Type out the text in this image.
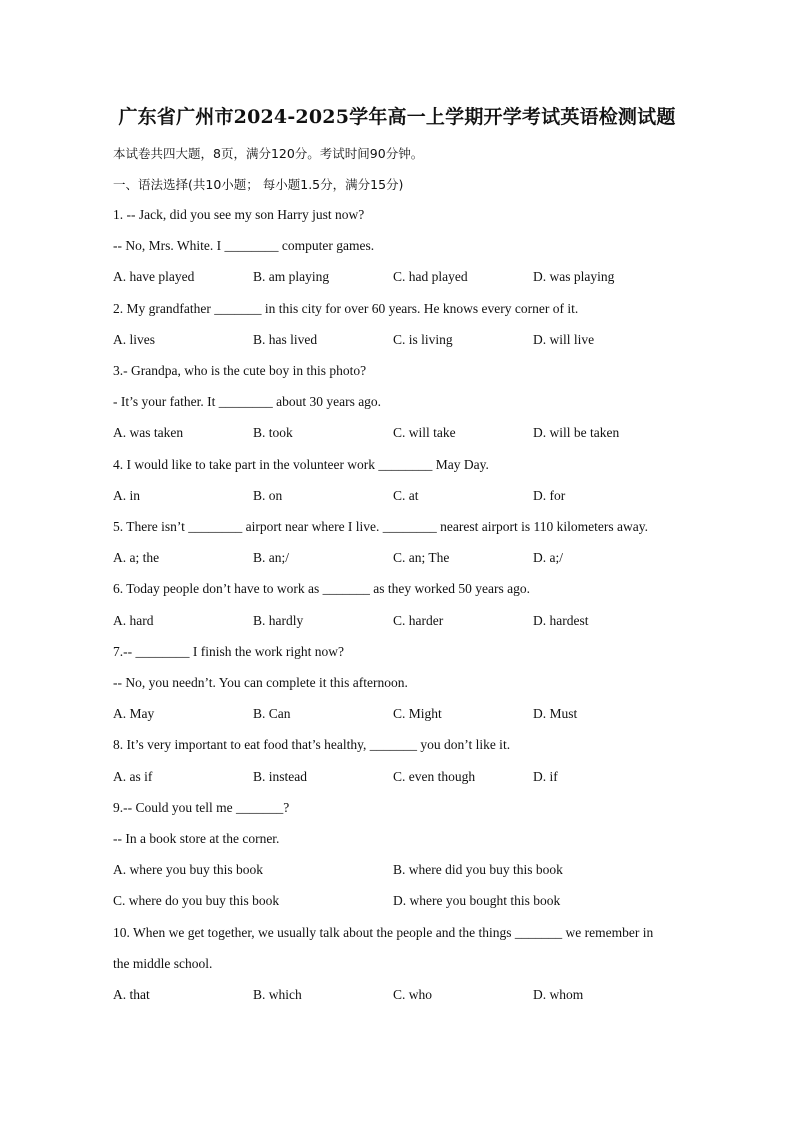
广东省广州市2024-2025学年高一上学期开学考试英语检测试题
本试卷共四大题，8页，满分120分。考试时间90分钟。
一、语法选择(共10小题； 每小题1.5分，满分15分)
1. -- Jack, did you see my son Harry just now?
-- No, Mrs. White. I ________ computer games.
A. have played	B. am playing	C. had played	D. was playing
2. My grandfather _______ in this city for over 60 years. He knows every corner of it.
A. lives	B. has lived	C. is living	D. will live
3.- Grandpa, who is the cute boy in this photo?
- It’s your father. It ________ about 30 years ago.
A. was taken	B. took	C. will take	D. will be taken
4. I would like to take part in the volunteer work ________ May Day.
A. in	B. on	C. at	D. for
5. There isn’t ________ airport near where I live. ________ nearest airport is 110 kilometers away.
A. a; the	B. an;/	C. an; The	D. a;/
6. Today people don’t have to work as _______ as they worked 50 years ago.
A. hard	B. hardly	C. harder	D. hardest
7.-- ________ I finish the work right now?
-- No, you needn’t. You can complete it this afternoon.
A. May	B. Can	C. Might	D. Must
8. It’s very important to eat food that’s healthy, _______ you don’t like it.
A. as if	B. instead	C. even though	D. if
9.-- Could you tell me _______?
-- In a book store at the corner.
A. where you buy this book	B. where did you buy this book
C. where do you buy this book	D. where you bought this book
10. When we get together, we usually talk about the people and the things _______ we remember in
the middle school.
A. that	B. which	C. who	D. whom
